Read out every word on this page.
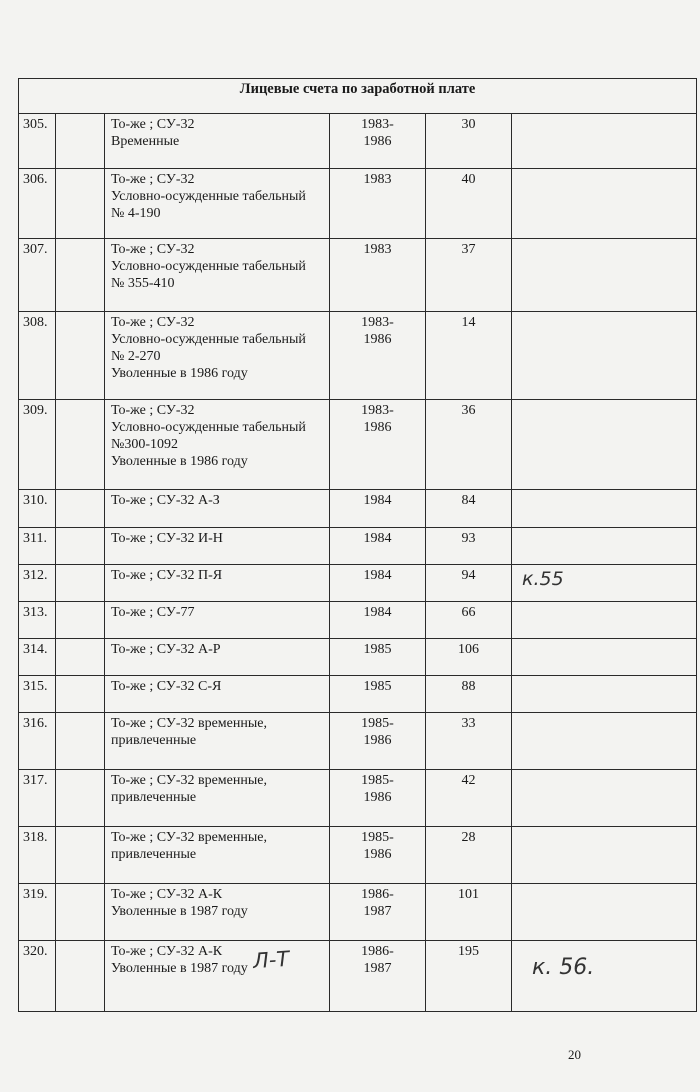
Лицевые счета по заработной плате					
305.		То-же ; СУ-32
Временные	1983-
1986	30	
306.		То-же ; СУ-32
Условно-осужденные табельный
№ 4-190	1983	40	
307.		То-же ; СУ-32
Условно-осужденные табельный
№ 355-410	1983	37	
308.		То-же ; СУ-32
Условно-осужденные табельный
№ 2-270
Уволенные в 1986 году	1983-
1986	14	
309.		То-же ; СУ-32
Условно-осужденные табельный
№300-1092
Уволенные в 1986 году	1983-
1986	36	
310.		То-же ; СУ-32 А-З	1984	84	
311.		То-же ; СУ-32 И-Н	1984	93	
312.		То-же ; СУ-32 П-Я	1984	94	к.55

313.		То-же ; СУ-77	1984	66	
314.		То-же ; СУ-32 А-Р	1985	106	
315.		То-же ; СУ-32 С-Я	1985	88	
316.		То-же ; СУ-32 временные,
привлеченные	1985-
1986	33	
317.		То-же ; СУ-32 временные,
привлеченные	1985-
1986	42	
318.		То-же ; СУ-32 временные,
привлеченные	1985-
1986	28	
319.		То-же ; СУ-32 А-К
Уволенные в 1987 году	1986-
1987	101	
320.		То-же ; СУ-32 А-К
Уволенные в 1987 году	1986-
1987	195	к. 56.
Л-Т
20
